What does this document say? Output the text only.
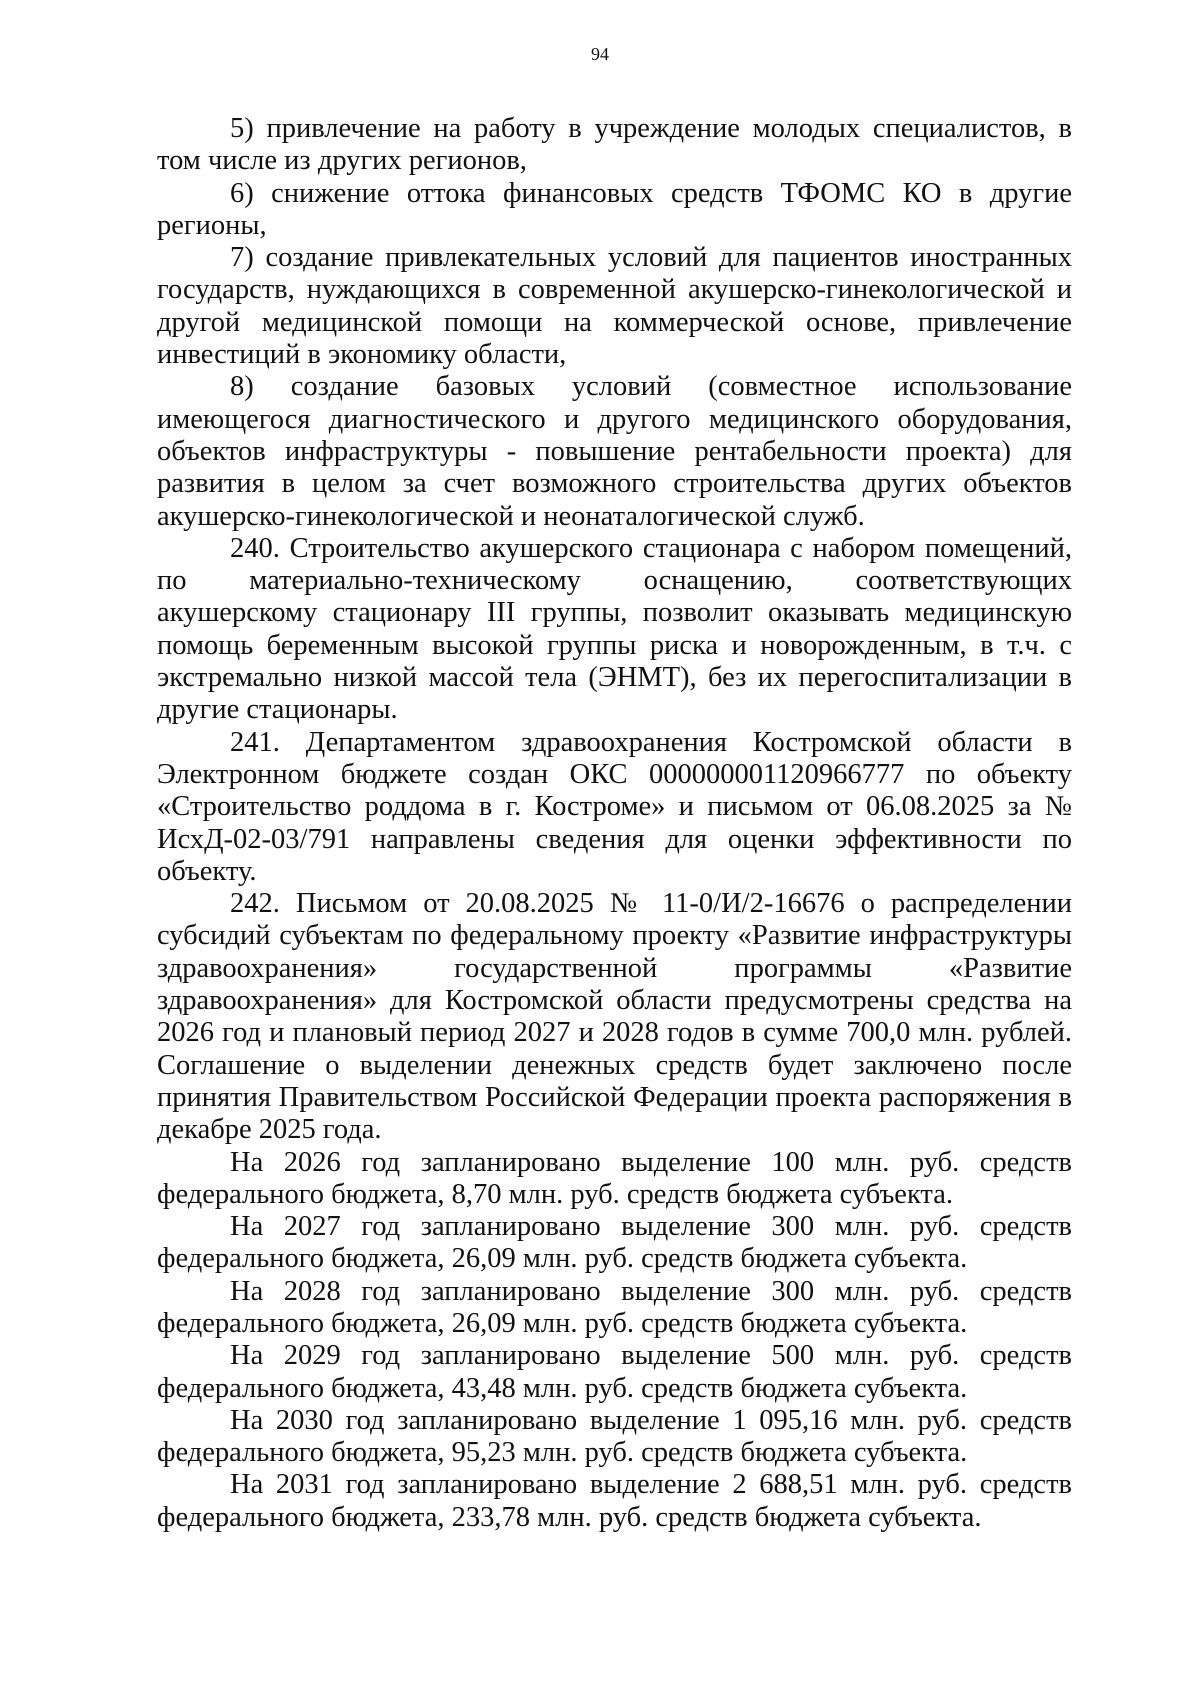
94

5) привлечение на работу в учреждение молодых специалистов, в том числе из других регионов,

6) снижение оттока финансовых средств ТФОМС КО в другие регионы,

7) создание привлекательных условий для пациентов иностранных государств, нуждающихся в современной акушерско-гинекологической и другой медицинской помощи на коммерческой основе, привлечение инвестиций в экономику области,

8) создание базовых условий (совместное использование имеющегося диагностического и другого медицинского оборудования, объектов инфраструктуры - повышение рентабельности проекта) для развития в целом за счет возможного строительства других объектов акушерско-гинекологической и неонаталогической служб.

240. Строительство акушерского стационара с набором помещений, по материально-техническому оснащению, соответствующих акушерскому стационару III группы, позволит оказывать медицинскую помощь беременным высокой группы риска и новорожденным, в т.ч. с экстремально низкой массой тела (ЭНМТ), без их перегоспитализации в другие стационары.

241. Департаментом здравоохранения Костромской области в Электронном бюджете создан ОКС 000000001120966777 по объекту «Строительство роддома в г. Костроме» и письмом от 06.08.2025 за № ИсхД-02-03/791 направлены сведения для оценки эффективности по объекту.

242. Письмом от 20.08.2025 № 11-0/И/2-16676 о распределении субсидий субъектам по федеральному проекту «Развитие инфраструктуры здравоохранения» государственной программы «Развитие здравоохранения» для Костромской области предусмотрены средства на 2026 год и плановый период 2027 и 2028 годов в сумме 700,0 млн. рублей. Соглашение о выделении денежных средств будет заключено после принятия Правительством Российской Федерации проекта распоряжения в декабре 2025 года.

На 2026 год запланировано выделение 100 млн. руб. средств федерального бюджета, 8,70 млн. руб. средств бюджета субъекта.

На 2027 год запланировано выделение 300 млн. руб. средств федерального бюджета, 26,09 млн. руб. средств бюджета субъекта.

На 2028 год запланировано выделение 300 млн. руб. средств федерального бюджета, 26,09 млн. руб. средств бюджета субъекта.

На 2029 год запланировано выделение 500 млн. руб. средств федерального бюджета, 43,48 млн. руб. средств бюджета субъекта.

На 2030 год запланировано выделение 1 095,16 млн. руб. средств федерального бюджета, 95,23 млн. руб. средств бюджета субъекта.

На 2031 год запланировано выделение 2 688,51 млн. руб. средств федерального бюджета, 233,78 млн. руб. средств бюджета субъекта.
